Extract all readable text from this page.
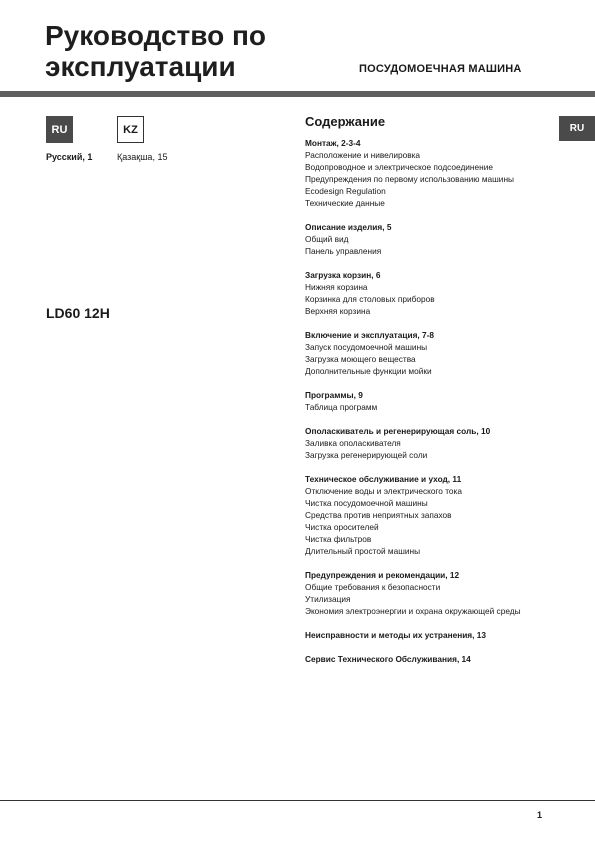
Руководство по
эксплуатации	ПОСУДОМОЕЧНАЯ МАШИНА
RU	KZ
Русский, 1	Қазақша, 15
LD60 12H
RU
Содержание
Монтаж, 2-3-4
Расположение и нивелировка
Водопроводное и электрическое подсоединение
Предупреждения по первому использованию машины
Ecodesign Regulation
Технические данные
Описание изделия, 5
Общий вид
Панель управления
Загрузка корзин, 6
Нижняя корзина
Корзинка для столовых приборов
Верхняя корзина
Включение и эксплуатация, 7-8
Запуск посудомоечной машины
Загрузка моющего вещества
Дополнительные функции мойки
Программы, 9
Таблица программ
Ополаскиватель и регенерирующая соль, 10
Заливка ополаскивателя
Загрузка регенерирующей соли
Техническое обслуживание и уход, 11
Отключение воды и электрического тока
Чистка посудомоечной машины
Средства против неприятных запахов
Чистка оросителей
Чистка фильтров
Длительный простой машины
Предупреждения и рекомендации, 12
Общие требования к безопасности
Утилизация
Экономия электроэнергии и охрана окружающей среды
Неисправности и методы их устранения, 13
Сервис Технического Обслуживания, 14
1
